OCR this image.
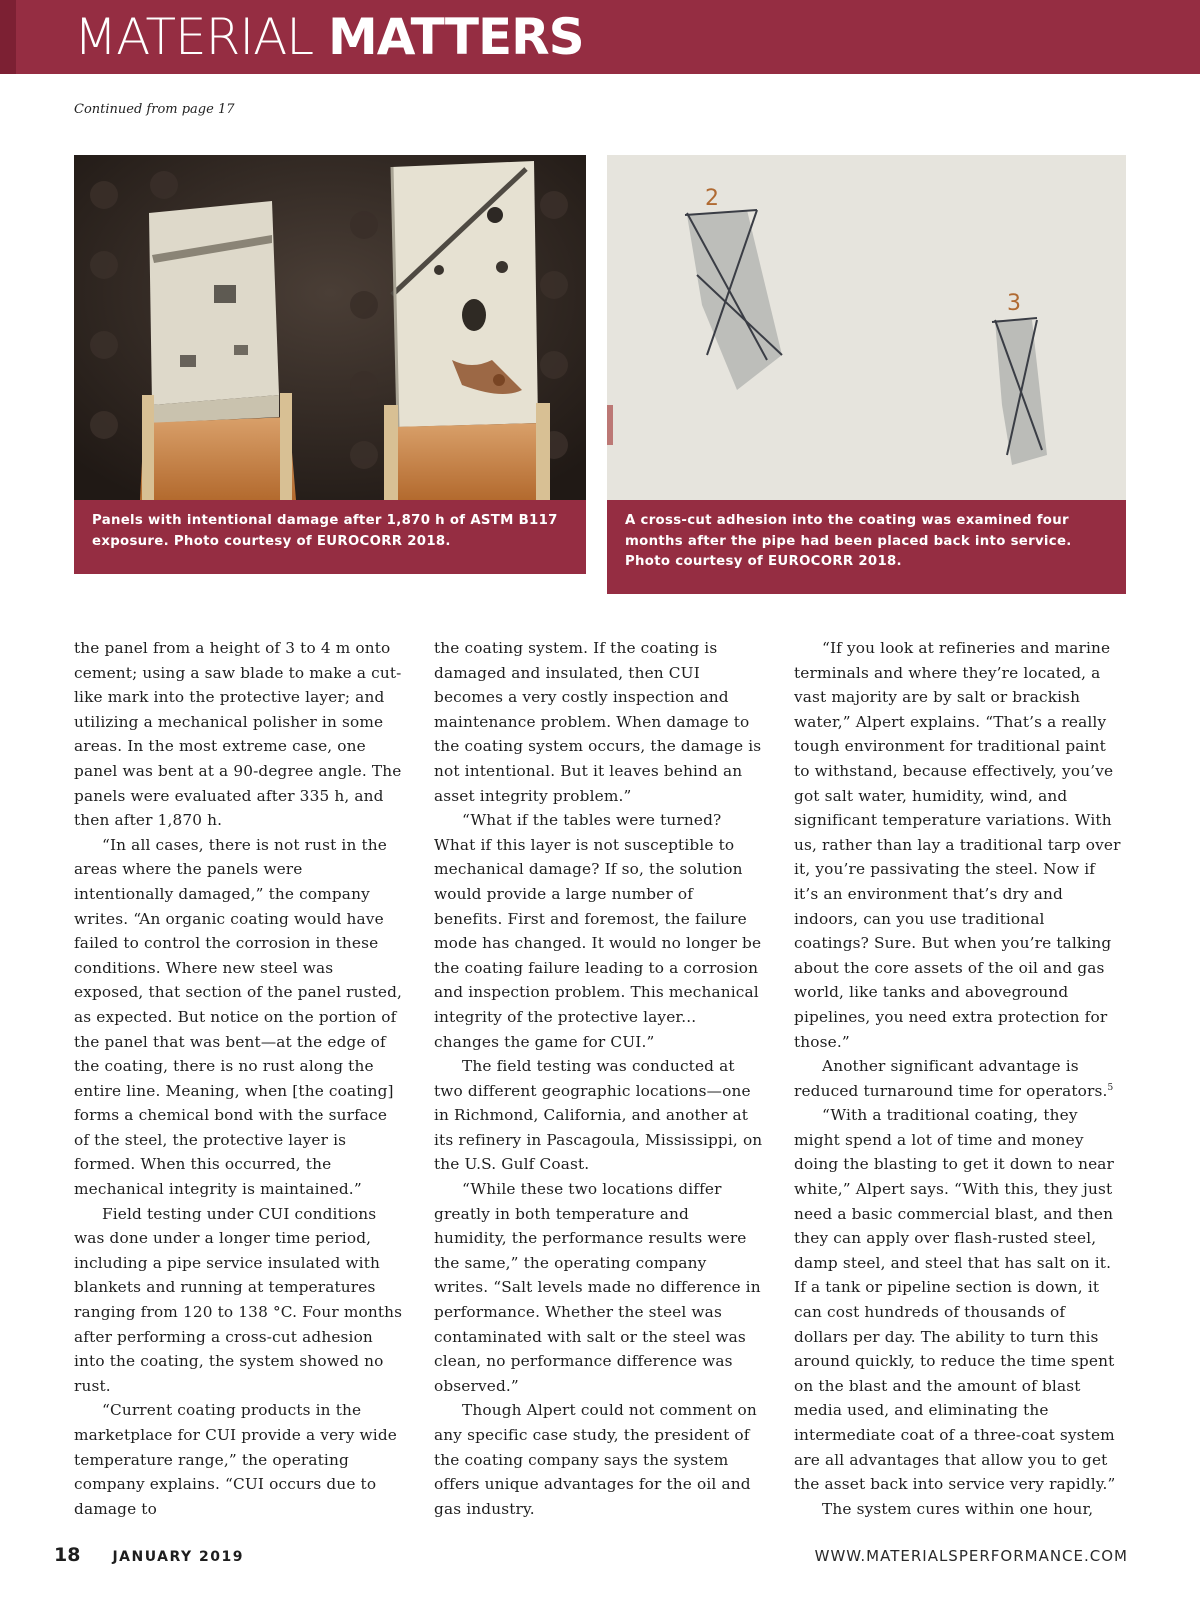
MATERIAL MATTERS
Continued from page 17
Panels with intentional damage after 1,870 h of ASTM B117 exposure. Photo courtesy of EUROCORR 2018.
2
3
A cross-cut adhesion into the coating was examined four months after the pipe had been placed back into service. Photo courtesy of EUROCORR 2018.

the panel from a height of 3 to 4 m onto cement; using a saw blade to make a cut-like mark into the protective layer; and utilizing a mechanical polisher in some areas. In the most extreme case, one panel was bent at a 90-degree angle. The panels were evaluated after 335 h, and then after 1,870 h.

“In all cases, there is not rust in the areas where the panels were intentionally damaged,” the company writes. “An organic coating would have failed to control the corrosion in these conditions. Where new steel was exposed, that section of the panel rusted, as expected. But notice on the portion of the panel that was bent—at the edge of the coating, there is no rust along the entire line. Meaning, when [the coating] forms a chemical bond with the surface of the steel, the protective layer is formed. When this occurred, the mechanical integrity is maintained.”

Field testing under CUI conditions was done under a longer time period, including a pipe service insulated with blankets and running at temperatures ranging from 120 to 138 °C. Four months after performing a cross-cut adhesion into the coating, the system showed no rust.

“Current coating products in the marketplace for CUI provide a very wide temperature range,” the operating company explains. “CUI occurs due to damage to

the coating system. If the coating is damaged and insulated, then CUI becomes a very costly inspection and maintenance problem. When damage to the coating system occurs, the damage is not intentional. But it leaves behind an asset integrity problem.”

“What if the tables were turned? What if this layer is not susceptible to mechanical damage? If so, the solution would provide a large number of benefits. First and foremost, the failure mode has changed. It would no longer be the coating failure leading to a corrosion and inspection problem. This mechanical integrity of the protective layer... changes the game for CUI.”

The field testing was conducted at two different geographic locations—one in Richmond, California, and another at its refinery in Pascagoula, Mississippi, on the U.S. Gulf Coast.

“While these two locations differ greatly in both temperature and humidity, the performance results were the same,” the operating company writes. “Salt levels made no difference in performance. Whether the steel was contaminated with salt or the steel was clean, no performance difference was observed.”

Though Alpert could not comment on any specific case study, the president of the coating company says the system offers unique advantages for the oil and gas industry.

“If you look at refineries and marine terminals and where they’re located, a vast majority are by salt or brackish water,” Alpert explains. “That’s a really tough environment for traditional paint to withstand, because effectively, you’ve got salt water, humidity, wind, and significant temperature variations. With us, rather than lay a traditional tarp over it, you’re passivating the steel. Now if it’s an environment that’s dry and indoors, can you use traditional coatings? Sure. But when you’re talking about the core assets of the oil and gas world, like tanks and aboveground pipelines, you need extra protection for those.”

Another significant advantage is reduced turnaround time for operators.$^5$

“With a traditional coating, they might spend a lot of time and money doing the blasting to get it down to near white,” Alpert says. “With this, they just need a basic commercial blast, and then they can apply over flash-rusted steel, damp steel, and steel that has salt on it. If a tank or pipeline section is down, it can cost hundreds of thousands of dollars per day. The ability to turn this around quickly, to reduce the time spent on the blast and the amount of blast media used, and eliminating the intermediate coat of a three-coat system are all advantages that allow you to get the asset back into service very rapidly.”

The system cures within one hour,

18 JANUARY 2019	WWW.MATERIALSPERFORMANCE.COM
